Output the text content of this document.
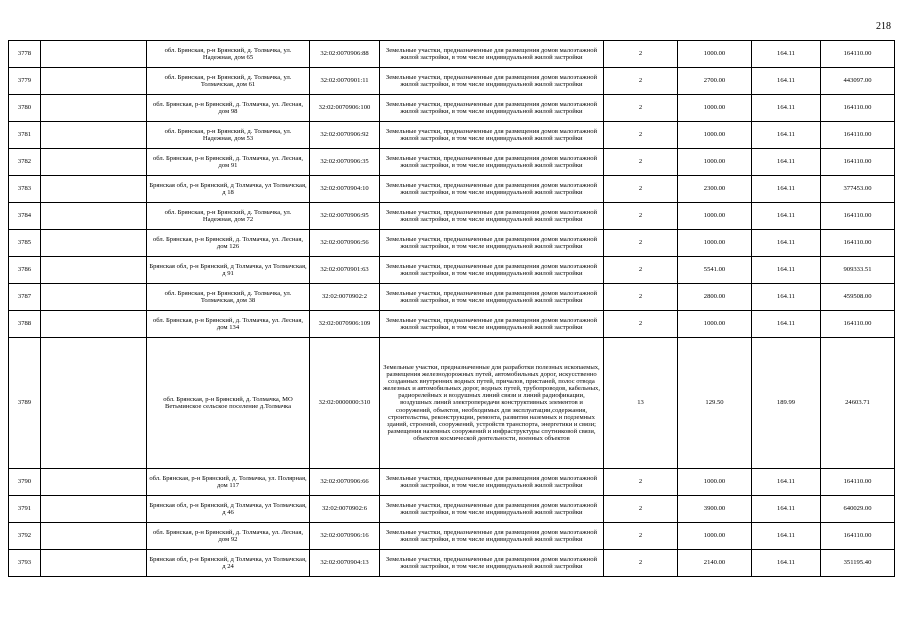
218
3778		обл. Брянская, р-н Брянский, д. Толмачка, ул. Надежная, дом 65	32:02:0070906:88	Земельные участки, предназначенные для размещения домов малоэтажной жилой застройки, в том числе индивидуальной жилой застройки	2	1000.00	164.11	164110.00
3779		обл. Брянская, р-н Брянский, д. Толмачка, ул. Толмачская, дом 61	32:02:0070901:11	Земельные участки, предназначенные для размещения домов малоэтажной жилой застройки, в том числе индивидуальной жилой застройки	2	2700.00	164.11	443097.00
3780		обл. Брянская, р-н Брянский, д. Толмачка, ул. Лесная, дом 98	32:02:0070906:100	Земельные участки, предназначенные для размещения домов малоэтажной жилой застройки, в том числе индивидуальной жилой застройки	2	1000.00	164.11	164110.00
3781		обл. Брянская, р-н Брянский, д. Толмачка, ул. Надежная, дом 53	32:02:0070906:92	Земельные участки, предназначенные для размещения домов малоэтажной жилой застройки, в том числе индивидуальной жилой застройки	2	1000.00	164.11	164110.00
3782		обл. Брянская, р-н Брянский, д. Толмачка, ул. Лесная, дом 91	32:02:0070906:35	Земельные участки, предназначенные для размещения домов малоэтажной жилой застройки, в том числе индивидуальной жилой застройки	2	1000.00	164.11	164110.00
3783		Брянская обл, р-н Брянский, д Толмачка, ул Толмачская, д 18	32:02:0070904:10	Земельные участки, предназначенные для размещения домов малоэтажной жилой застройки, в том числе индивидуальной жилой застройки	2	2300.00	164.11	377453.00
3784		обл. Брянская, р-н Брянский, д. Толмачка, ул. Надежная, дом 72	32:02:0070906:95	Земельные участки, предназначенные для размещения домов малоэтажной жилой застройки, в том числе индивидуальной жилой застройки	2	1000.00	164.11	164110.00
3785		обл. Брянская, р-н Брянский, д. Толмачка, ул. Лесная, дом 126	32:02:0070906:56	Земельные участки, предназначенные для размещения домов малоэтажной жилой застройки, в том числе индивидуальной жилой застройки	2	1000.00	164.11	164110.00
3786		Брянская обл, р-н Брянский, д Толмачка, ул Толмачская, д 91	32:02:0070901:63	Земельные участки, предназначенные для размещения домов малоэтажной жилой застройки, в том числе индивидуальной жилой застройки	2	5541.00	164.11	909333.51
3787		обл. Брянская, р-н Брянский, д. Толмачка, ул. Толмачская, дом 38	32:02:0070902:2	Земельные участки, предназначенные для размещения домов малоэтажной жилой застройки, в том числе индивидуальной жилой застройки	2	2800.00	164.11	459508.00
3788		обл. Брянская, р-н Брянский, д. Толмачка, ул. Лесная, дом 134	32:02:0070906:109	Земельные участки, предназначенные для размещения домов малоэтажной жилой застройки, в том числе индивидуальной жилой застройки	2	1000.00	164.11	164110.00
3789		обл. Брянская, р-н Брянский, д. Толмачка, МО Ветьминское сельское поселение д.Толмачка	32:02:0000000:310	Земельные участки, предназначенные для разработки полезных ископаемых, размещения железнодорожных путей, автомобильных дорог, искусственно созданных внутренних водных путей, причалов, пристаней, полос отвода железных и автомобильных дорог, водных путей, трубопроводов, кабельных, радиорелейных и воздушных линий связи и линий радиофикации, воздушных линий электропередачи конструктивных элементов и сооружений, объектов, необходимых для эксплуатации,содержания, строительства, реконструкции, ремонта, развития наземных и подземных зданий, строений, сооружений, устройств транспорта, энергетики и связи; размещения наземных сооружений и инфраструктуры спутниковой связи, объектов космической деятельности, военных объектов	13	129.50	189.99	24603.71
3790		обл. Брянская, р-н Брянский, д. Толмачка, ул. Полярная, дом 117	32:02:0070906:66	Земельные участки, предназначенные для размещения домов малоэтажной жилой застройки, в том числе индивидуальной жилой застройки	2	1000.00	164.11	164110.00
3791		Брянская обл, р-н Брянский, д Толмачка, ул Толмачская, д 46	32:02:0070902:6	Земельные участки, предназначенные для размещения домов малоэтажной жилой застройки, в том числе индивидуальной жилой застройки	2	3900.00	164.11	640029.00
3792		обл. Брянская, р-н Брянский, д. Толмачка, ул. Лесная, дом 92	32:02:0070906:16	Земельные участки, предназначенные для размещения домов малоэтажной жилой застройки, в том числе индивидуальной жилой застройки	2	1000.00	164.11	164110.00
3793		Брянская обл, р-н Брянский, д Толмачка, ул Толмачская, д 24	32:02:0070904:13	Земельные участки, предназначенные для размещения домов малоэтажной жилой застройки, в том числе индивидуальной жилой застройки	2	2140.00	164.11	351195.40
